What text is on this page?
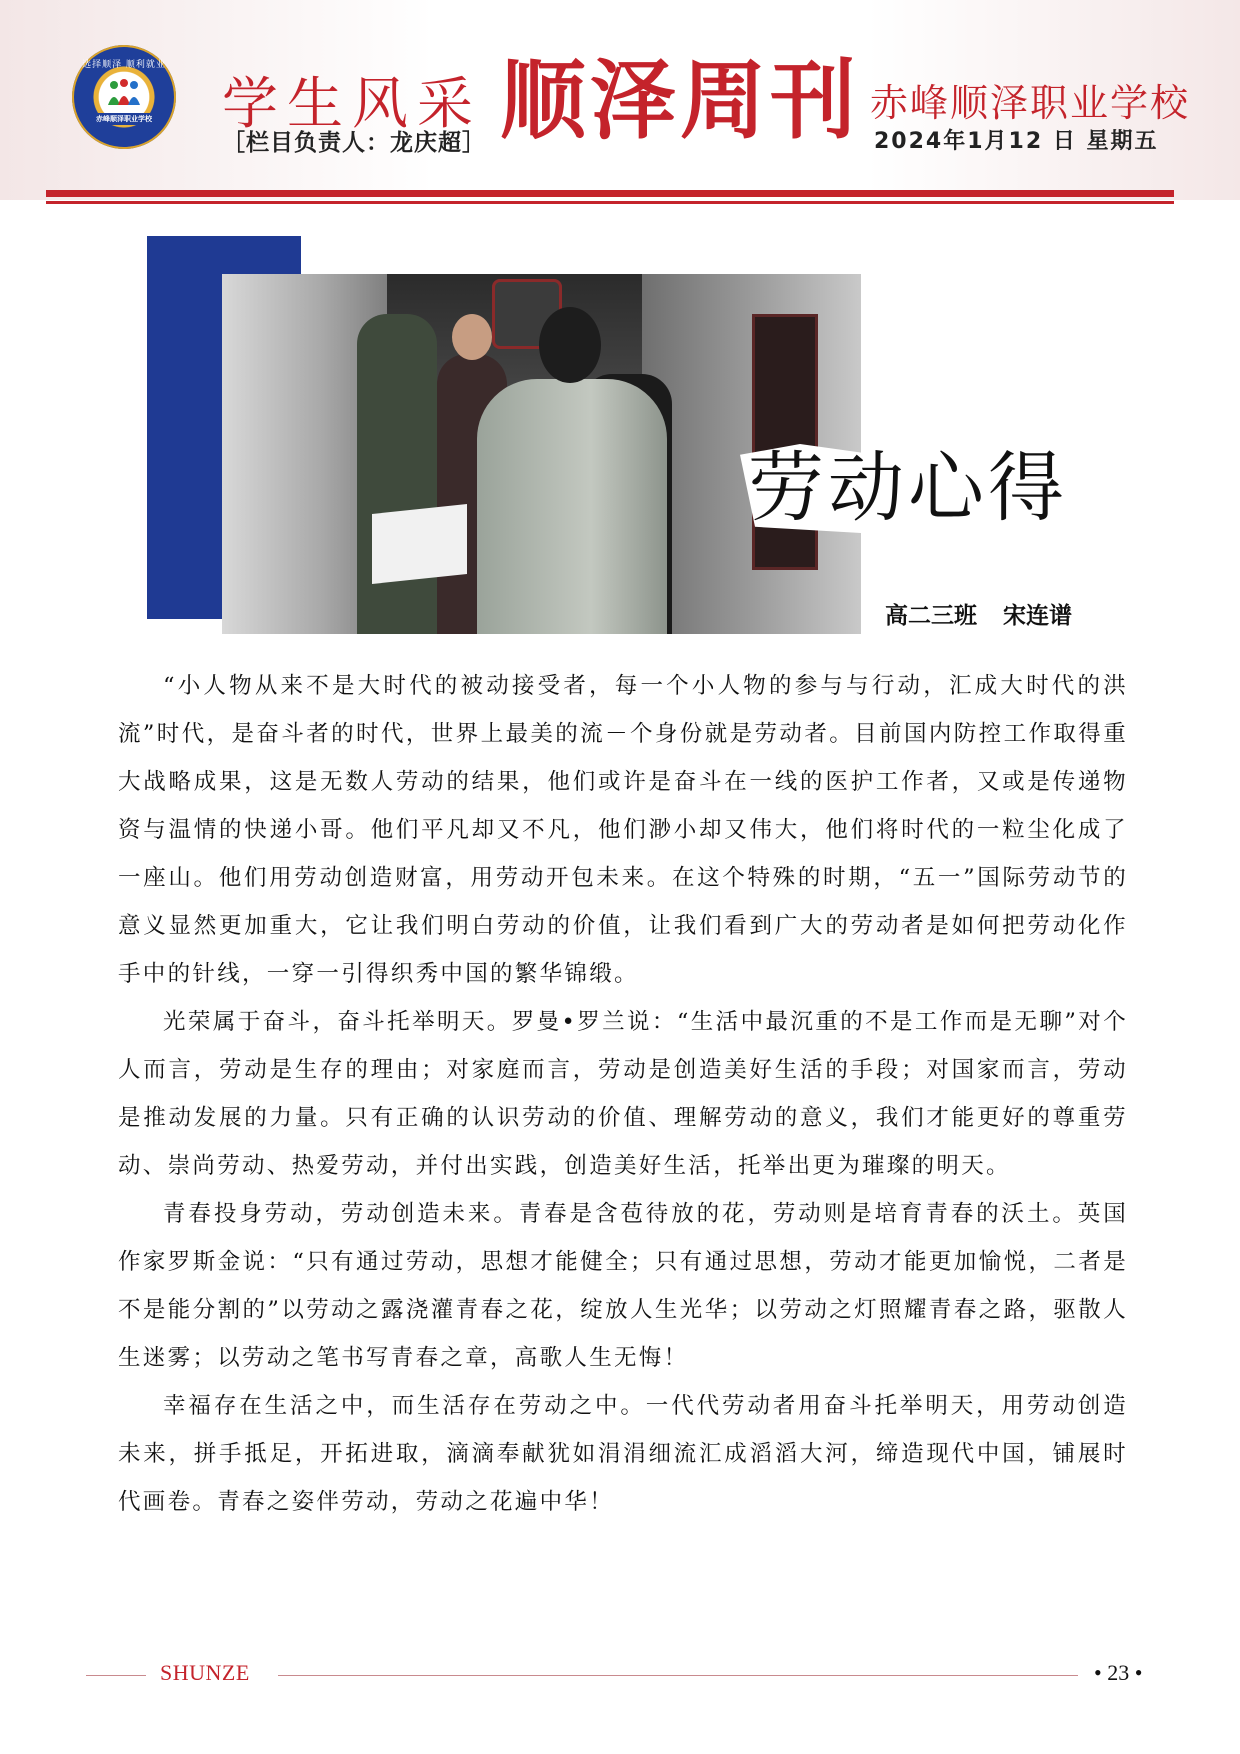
选择顺泽 顺利就业
赤峰顺泽职业学校 学生风采
［栏目负责人：龙庆超］ 顺泽周刊 赤峰顺泽职业学校
2024年1月12 日 星期五
劳动心得
高二三班 宋连谱

“小人物从来不是大时代的被动接受者，每一个小人物的参与与行动，汇成大时代的洪流”时代，是奋斗者的时代，世界上最美的流－个身份就是劳动者。目前国内防控工作取得重大战略成果，这是无数人劳动的结果，他们或许是奋斗在一线的医护工作者，又或是传递物资与温情的快递小哥。他们平凡却又不凡，他们渺小却又伟大，他们将时代的一粒尘化成了一座山。他们用劳动创造财富，用劳动开包未来。在这个特殊的时期，“五一”国际劳动节的意义显然更加重大，它让我们明白劳动的价值，让我们看到广大的劳动者是如何把劳动化作手中的针线，一穿一引得织秀中国的繁华锦缎。

光荣属于奋斗，奋斗托举明天。罗曼•罗兰说：“生活中最沉重的不是工作而是无聊”对个人而言，劳动是生存的理由；对家庭而言，劳动是创造美好生活的手段；对国家而言，劳动是推动发展的力量。只有正确的认识劳动的价值、理解劳动的意义，我们才能更好的尊重劳动、崇尚劳动、热爱劳动，并付出实践，创造美好生活，托举出更为璀璨的明天。

青春投身劳动，劳动创造未来。青春是含苞待放的花，劳动则是培育青春的沃土。英国作家罗斯金说：“只有通过劳动，思想才能健全；只有通过思想，劳动才能更加愉悦，二者是不是能分割的”以劳动之露浇灌青春之花，绽放人生光华；以劳动之灯照耀青春之路，驱散人生迷雾；以劳动之笔书写青春之章，高歌人生无悔！

幸福存在生活之中，而生活存在劳动之中。一代代劳动者用奋斗托举明天，用劳动创造未来，拼手抵足，开拓进取，滴滴奉献犹如涓涓细流汇成滔滔大河，缔造现代中国，铺展时代画卷。青春之姿伴劳动，劳动之花遍中华！

SHUNZE	• 23 •
